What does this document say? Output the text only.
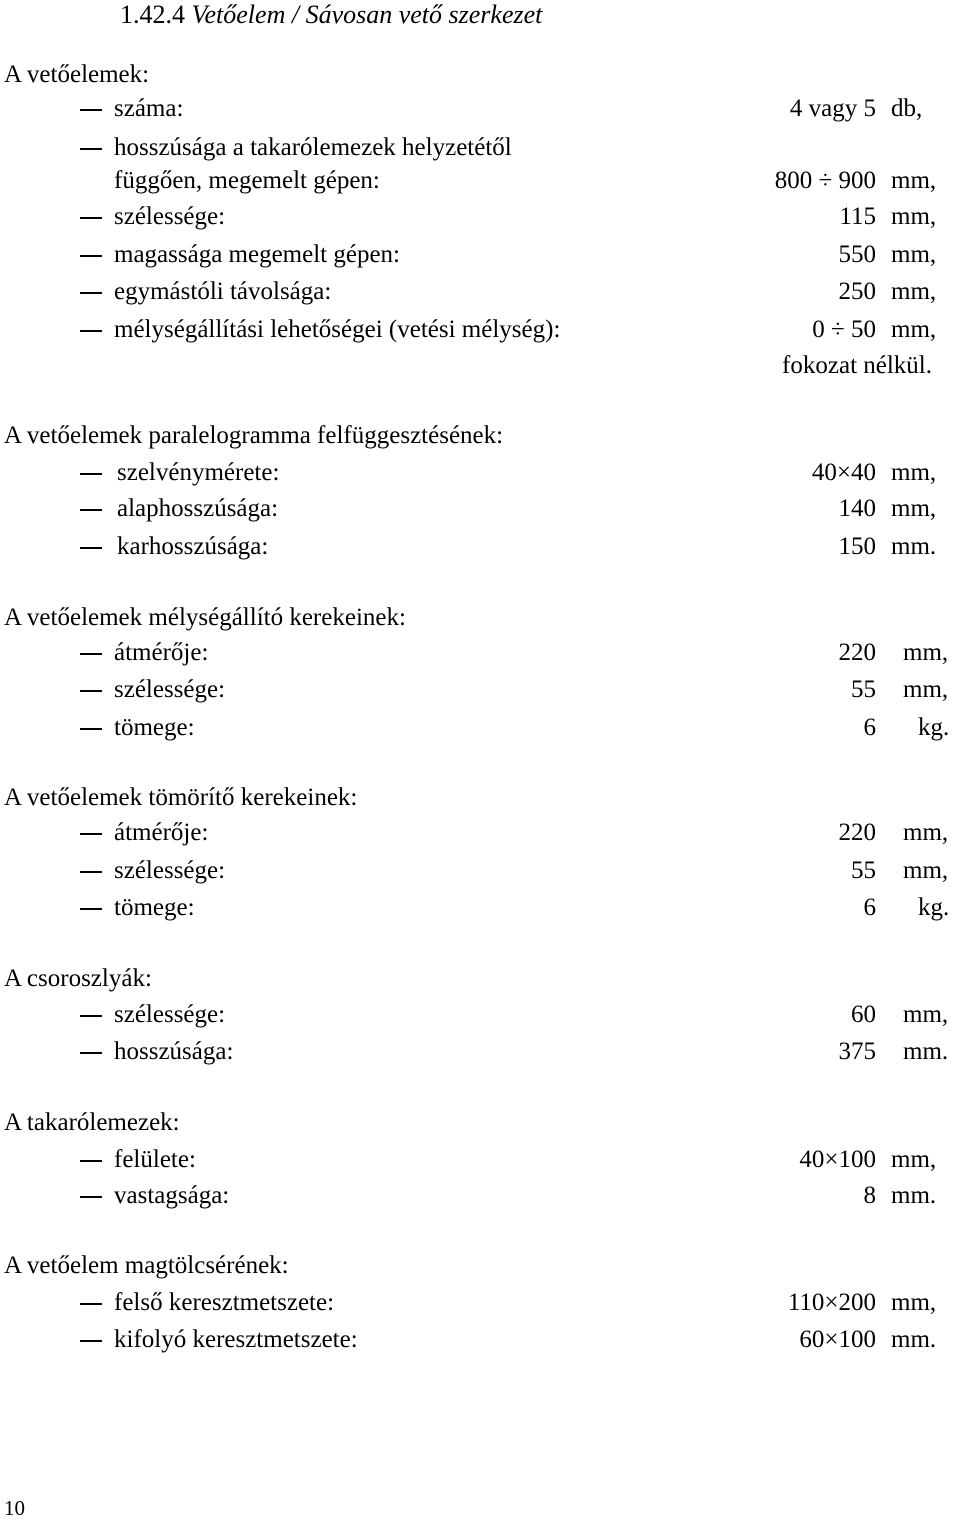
1.42.4 Vetőelem / Sávosan vető szerkezet
A vetőelemek:
száma:	4 vagy 5 db,
hosszúsága a takarólemezek helyzetétől
függően, megemelt gépen:	800 ÷ 900 mm,
szélessége:	115 mm,
magassága megemelt gépen:	550 mm,
egymástóli távolsága:	250 mm,
mélységállítási lehetőségei (vetési mélység):	0 ÷ 50 mm,
fokozat nélkül.
A vetőelemek paralelogramma felfüggesztésének:
szelvénymérete:	40×40 mm,
alaphosszúsága:	140 mm,
karhosszúsága:	150 mm.
A vetőelemek mélységállító kerekeinek:
átmérője:	220 mm,
szélessége:	55 mm,
tömege:	6 kg.
A vetőelemek tömörítő kerekeinek:
átmérője:	220 mm,
szélessége:	55 mm,
tömege:	6 kg.
A csoroszlyák:
szélessége:	60 mm,
hosszúsága:	375 mm.
A takarólemezek:
felülete:	40×100 mm,
vastagsága:	8 mm.
A vetőelem magtölcsérének:
felső keresztmetszete:	110×200 mm,
kifolyó keresztmetszete:	60×100 mm.
10
